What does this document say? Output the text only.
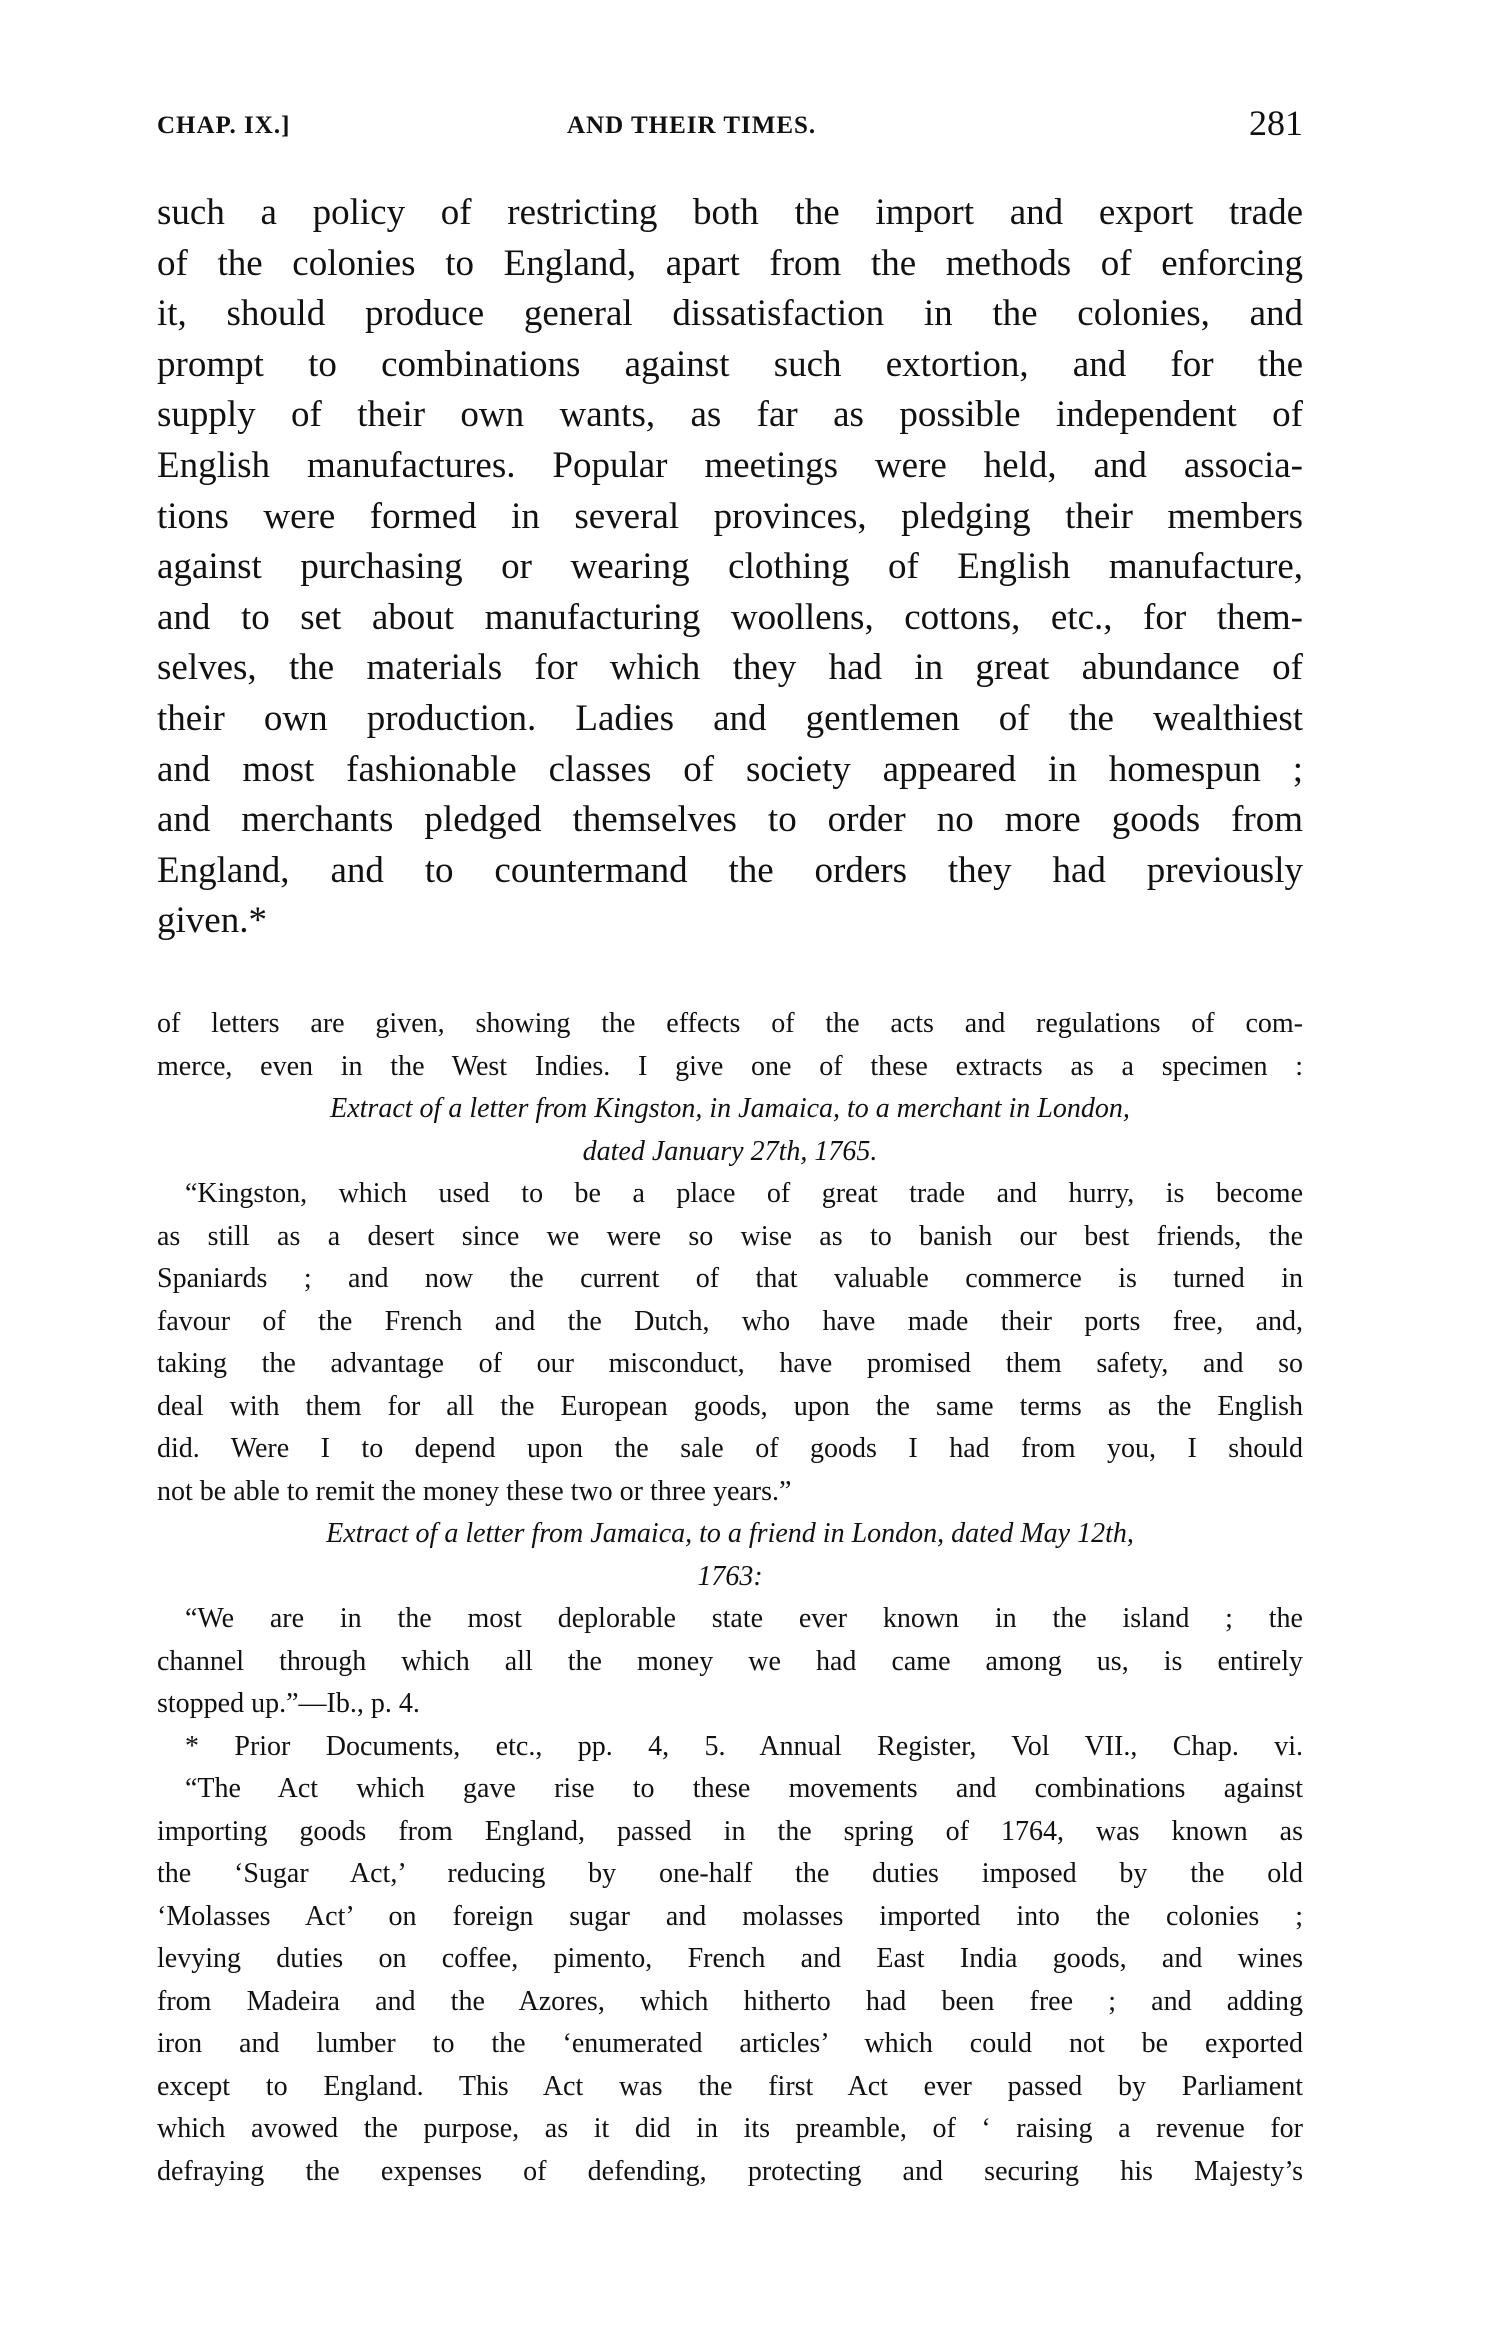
CHAP. IX.]	AND THEIR TIMES.	281
such a policy of restricting both the import and export trade
of the colonies to England, apart from the methods of enforcing
it, should produce general dissatisfaction in the colonies, and
prompt to combinations against such extortion, and for the
supply of their own wants, as far as possible independent of
English manufactures. Popular meetings were held, and associa-
tions were formed in several provinces, pledging their members
against purchasing or wearing clothing of English manufacture,
and to set about manufacturing woollens, cottons, etc., for them-
selves, the materials for which they had in great abundance of
their own production. Ladies and gentlemen of the wealthiest
and most fashionable classes of society appeared in homespun ;
and merchants pledged themselves to order no more goods from
England, and to countermand the orders they had previously
given.*
of letters are given, showing the effects of the acts and regulations of com-
merce, even in the West Indies. I give one of these extracts as a specimen :
Extract of a letter from Kingston, in Jamaica, to a merchant in London,
dated January 27th, 1765.
“Kingston, which used to be a place of great trade and hurry, is become
as still as a desert since we were so wise as to banish our best friends, the
Spaniards ; and now the current of that valuable commerce is turned in
favour of the French and the Dutch, who have made their ports free, and,
taking the advantage of our misconduct, have promised them safety, and so
deal with them for all the European goods, upon the same terms as the English
did. Were I to depend upon the sale of goods I had from you, I should
not be able to remit the money these two or three years.”
Extract of a letter from Jamaica, to a friend in London, dated May 12th,
1763:
“We are in the most deplorable state ever known in the island ; the
channel through which all the money we had came among us, is entirely
stopped up.”—Ib., p. 4.
* Prior Documents, etc., pp. 4, 5. Annual Register, Vol VII., Chap. vi.
“The Act which gave rise to these movements and combinations against
importing goods from England, passed in the spring of 1764, was known as
the ‘Sugar Act,’ reducing by one-half the duties imposed by the old
‘Molasses Act’ on foreign sugar and molasses imported into the colonies ;
levying duties on coffee, pimento, French and East India goods, and wines
from Madeira and the Azores, which hitherto had been free ; and adding
iron and lumber to the ‘enumerated articles’ which could not be exported
except to England. This Act was the first Act ever passed by Parliament
which avowed the purpose, as it did in its preamble, of ‘ raising a revenue for
defraying the expenses of defending, protecting and securing his Majesty’s
